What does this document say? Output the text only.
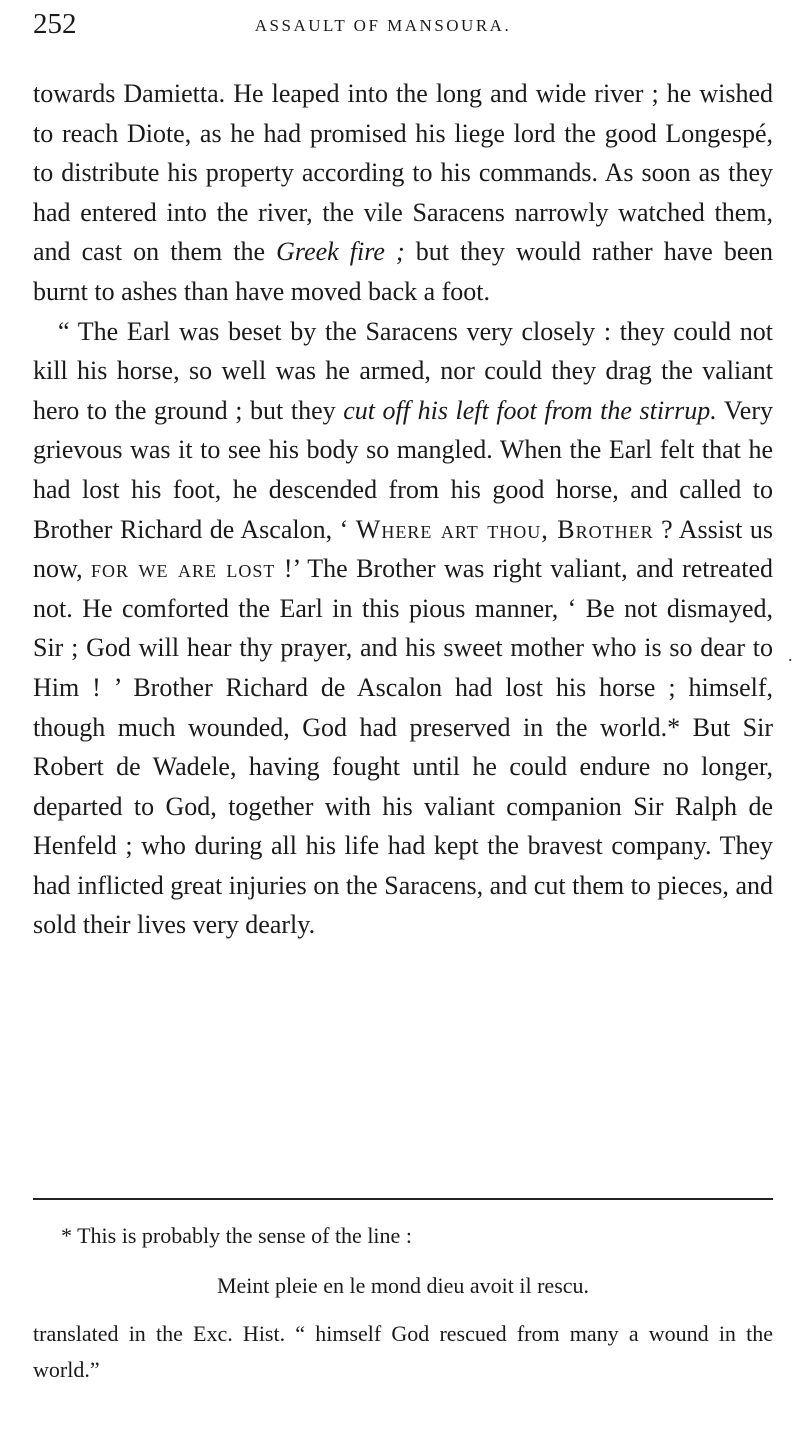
252	ASSAULT OF MANSOURA.

towards Damietta. He leaped into the long and wide river ; he wished to reach Diote, as he had promised his liege lord the good Longespé, to distribute his property according to his commands. As soon as they had entered into the river, the vile Saracens narrowly watched them, and cast on them the Greek fire ; but they would rather have been burnt to ashes than have moved back a foot.

“ The Earl was beset by the Saracens very closely : they could not kill his horse, so well was he armed, nor could they drag the valiant hero to the ground ; but they cut off his left foot from the stirrup. Very grievous was it to see his body so mangled. When the Earl felt that he had lost his foot, he descended from his good horse, and called to Brother Richard de Ascalon, ‘ Where art thou, Brother ? Assist us now, for we are lost !’ The Brother was right valiant, and retreated not. He comforted the Earl in this pious manner, ‘ Be not dismayed, Sir ; God will hear thy prayer, and his sweet mother who is so dear to Him ! ’ Brother Richard de Ascalon had lost his horse ; himself, though much wounded, God had preserved in the world.* But Sir Robert de Wadele, having fought until he could endure no longer, departed to God, together with his valiant companion Sir Ralph de Henfeld ; who during all his life had kept the bravest company. They had inflicted great injuries on the Saracens, and cut them to pieces, and sold their lives very dearly.

.

* This is probably the sense of the line :

Meint pleie en le mond dieu avoit il rescu.

translated in the Exc. Hist. “ himself God rescued from many a wound in the world.”
